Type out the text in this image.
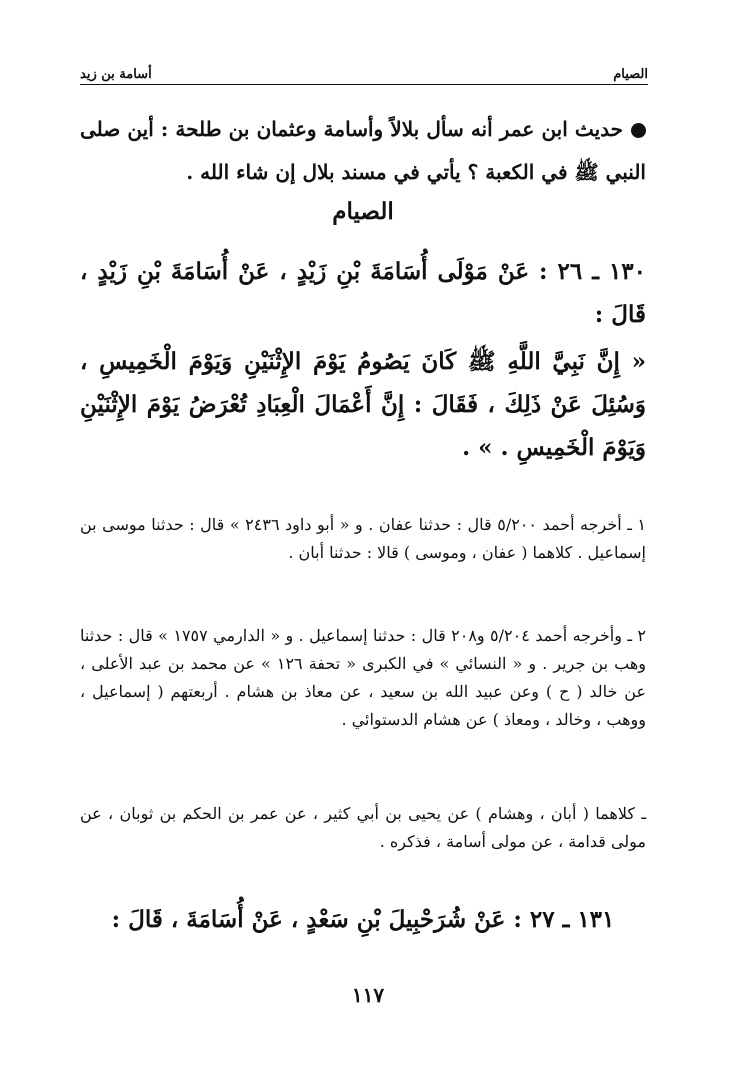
الصيام
أسامة بن زيد
حديث ابن عمر أنه سأل بلالاً وأسامة وعثمان بن طلحة : أين صلى النبي ﷺ في الكعبة ؟ يأتي في مسند بلال إن شاء الله .
الصيام
١٣٠ ـ ٢٦ : عَنْ مَوْلَى أُسَامَةَ بْنِ زَيْدٍ ، عَنْ أُسَامَةَ بْنِ زَيْدٍ ، قَالَ :
« إِنَّ نَبِيَّ اللَّهِ ﷺ كَانَ يَصُومُ يَوْمَ الإِثْنَيْنِ وَيَوْمَ الْخَمِيسِ ، وَسُئِلَ عَنْ ذَلِكَ ، فَقَالَ : إِنَّ أَعْمَالَ الْعِبَادِ تُعْرَضُ يَوْمَ الإِثْنَيْنِ وَيَوْمَ الْخَمِيسِ . » .
١ ـ أخرجه أحمد ٥/٢٠٠ قال : حدثنا عفان . و « أبو داود ٢٤٣٦ » قال : حدثنا موسى بن إسماعيل . كلاهما ( عفان ، وموسى ) قالا : حدثنا أبان .
٢ ـ وأخرجه أحمد ٥/٢٠٤ و٢٠٨ قال : حدثنا إسماعيل . و « الدارمي ١٧٥٧ » قال : حدثنا وهب بن جرير . و « النسائي » في الكبرى « تحفة ١٢٦ » عن محمد بن عبد الأعلى ، عن خالد ( ح ) وعن عبيد الله بن سعيد ، عن معاذ بن هشام . أربعتهم ( إسماعيل ، ووهب ، وخالد ، ومعاذ ) عن هشام الدستوائي .
ـ كلاهما ( أبان ، وهشام ) عن يحيى بن أبي كثير ، عن عمر بن الحكم بن ثوبان ، عن مولى قدامة ، عن مولى أسامة ، فذكره .
١٣١ ـ ٢٧ : عَنْ شُرَحْبِيلَ بْنِ سَعْدٍ ، عَنْ أُسَامَةَ ، قَالَ :
١١٧
